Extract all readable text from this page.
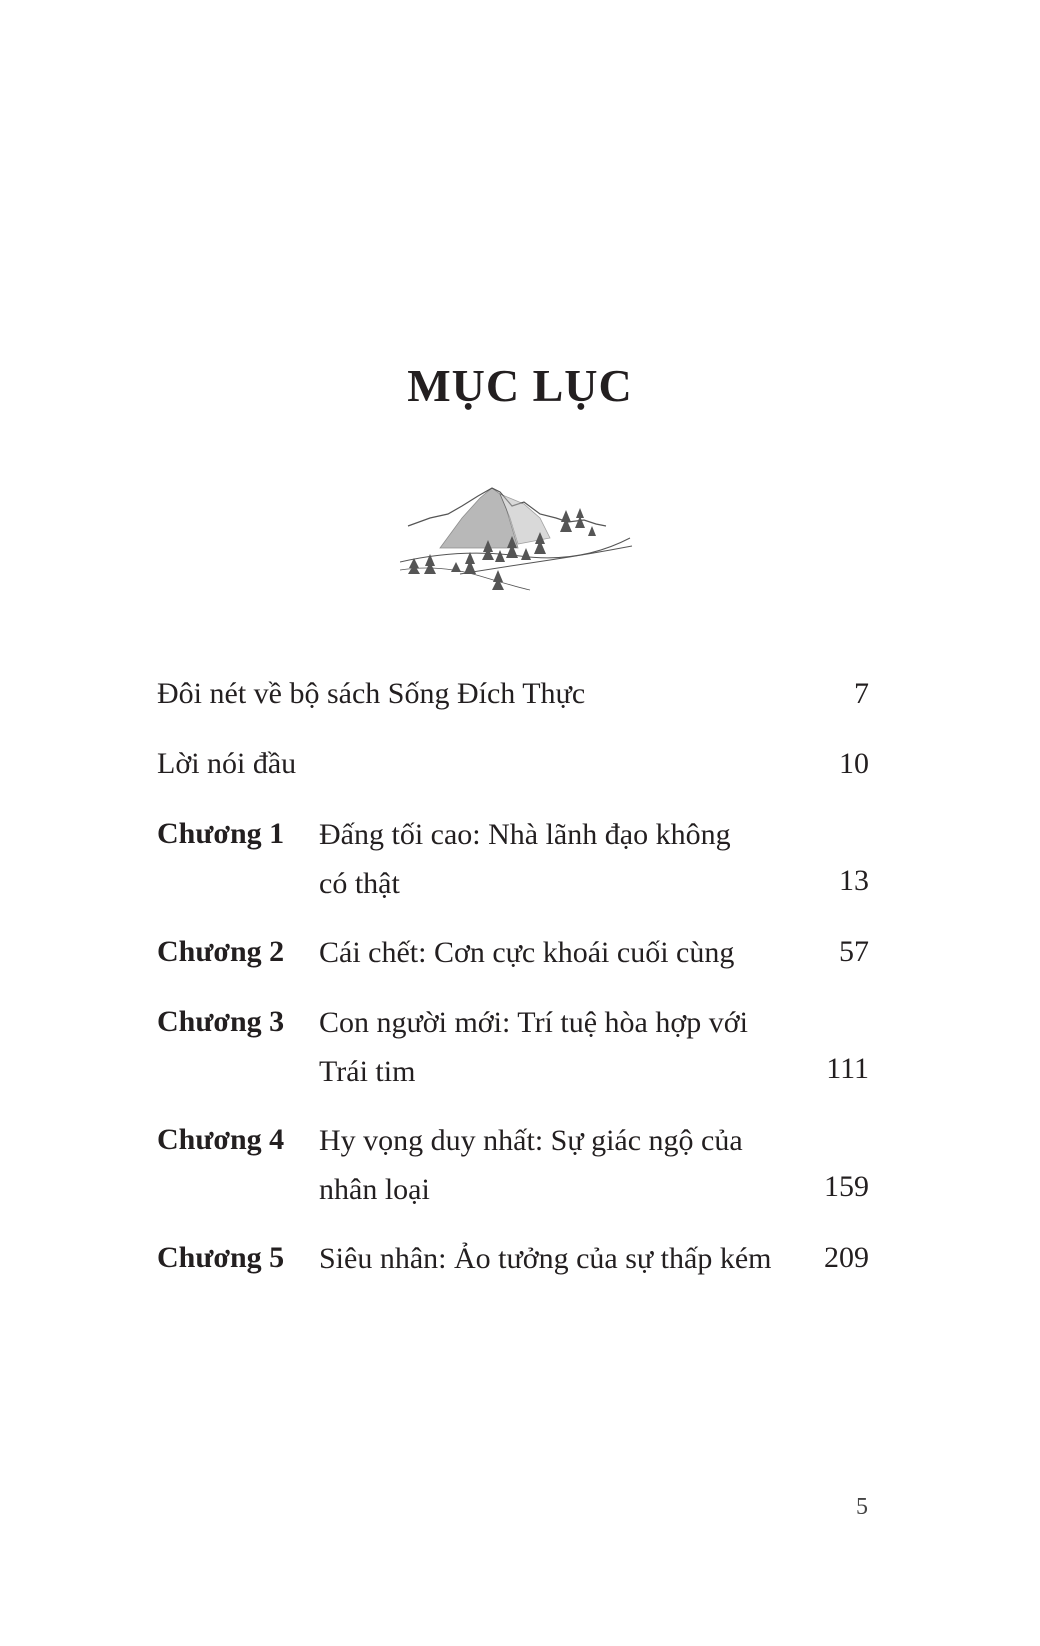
MỤC LỤC
Đôi nét về bộ sách Sống Đích Thực	7
Lời nói đầu	10
Chương 1 Đấng tối cao: Nhà lãnh đạo không
có thật	13
Chương 2 Cái chết: Cơn cực khoái cuối cùng	57
Chương 3 Con người mới: Trí tuệ hòa hợp với
Trái tim	111
Chương 4 Hy vọng duy nhất: Sự giác ngộ của
nhân loại	159
Chương 5 Siêu nhân: Ảo tưởng của sự thấp kém	209
5
